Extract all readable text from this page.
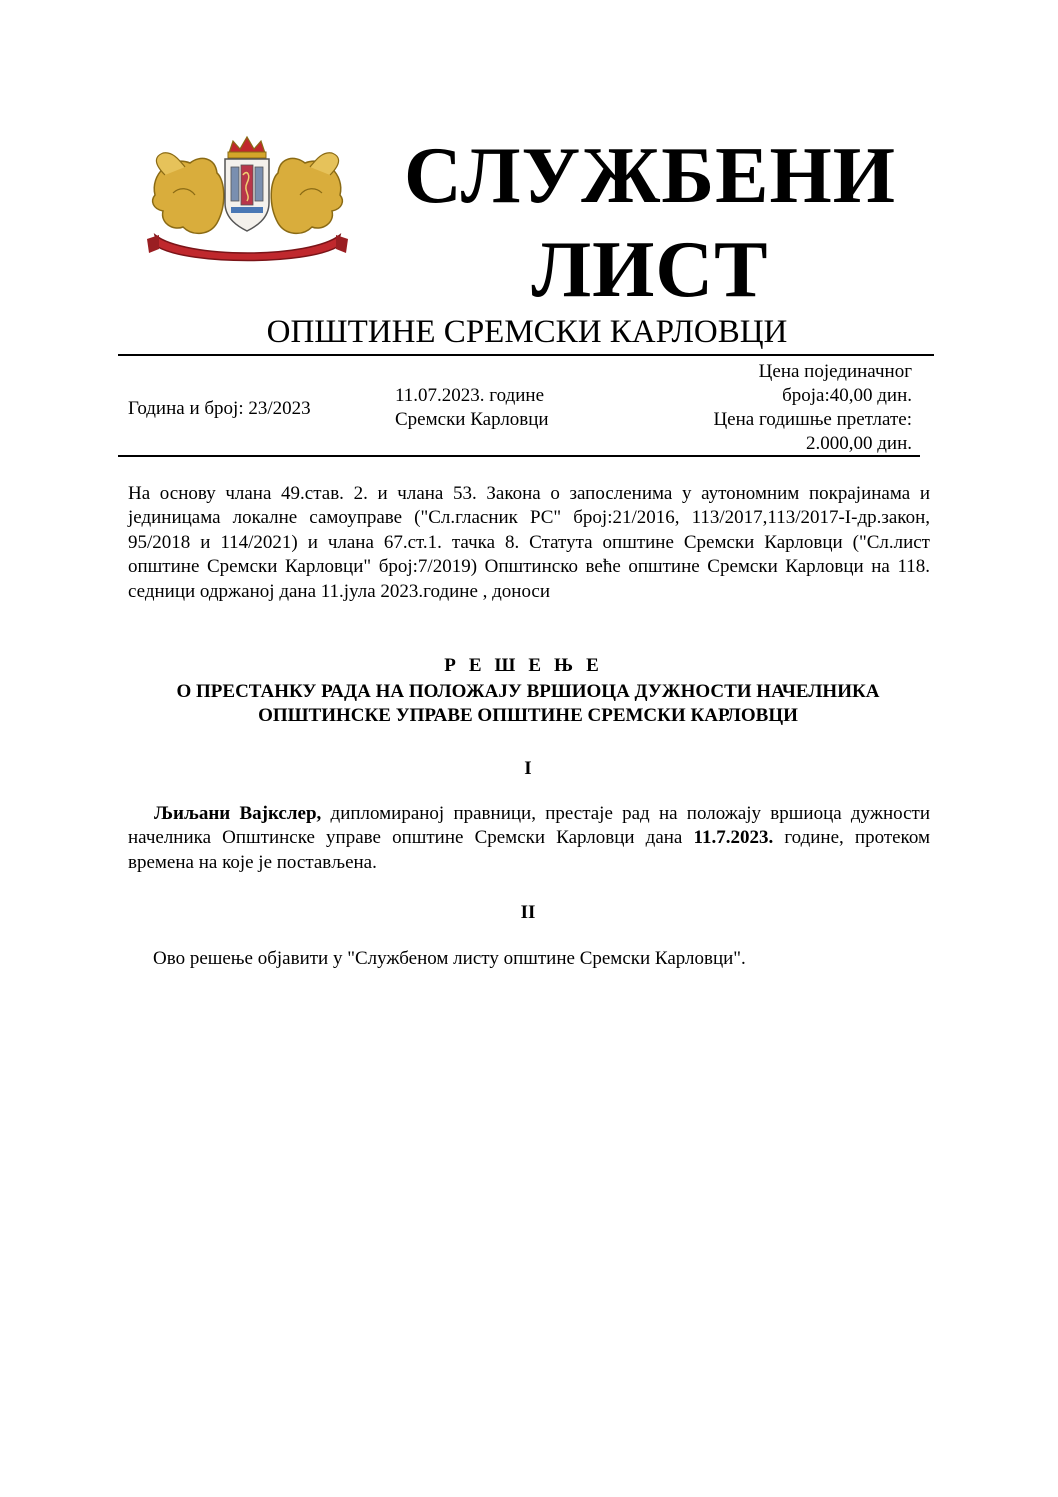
СЛУЖБЕНИ
ЛИСТ
ОПШТИНЕ СРЕМСКИ КАРЛОВЦИ
Година и број: 23/2023
11.07.2023. године
Сремски Карловци
Цена појединачног
броја:40,00 дин.
Цена годишње претлате:
2.000,00 дин.
На основу члана 49.став. 2. и члана 53. Закона о запосленима у аутономним покрајинама и јединицама локалне самоуправе ("Сл.гласник РС" број:21/2016, 113/2017,113/2017-I-др.закон, 95/2018 и 114/2021) и члана 67.ст.1. тачка 8. Статута општине Сремски Карловци ("Сл.лист општине Сремски Карловци" број:7/2019) Општинско веће општине Сремски Карловци на 118. седници одржаној дана 11.јула 2023.године , доноси
РЕШЕЊЕ
О ПРЕСТАНКУ РАДА НА ПОЛОЖАЈУ ВРШИОЦА ДУЖНОСТИ НАЧЕЛНИКА
ОПШТИНСКЕ УПРАВЕ ОПШТИНЕ СРЕМСКИ КАРЛОВЦИ
I
Љиљани Вајкслер, дипломираној правници, престаје рад на положају вршиоца дужности начелника Општинске управе општине Сремски Карловци дана 11.7.2023. године, протеком времена на које је постављена.
II
Ово решење објавити у "Службеном листу општине Сремски Карловци".
